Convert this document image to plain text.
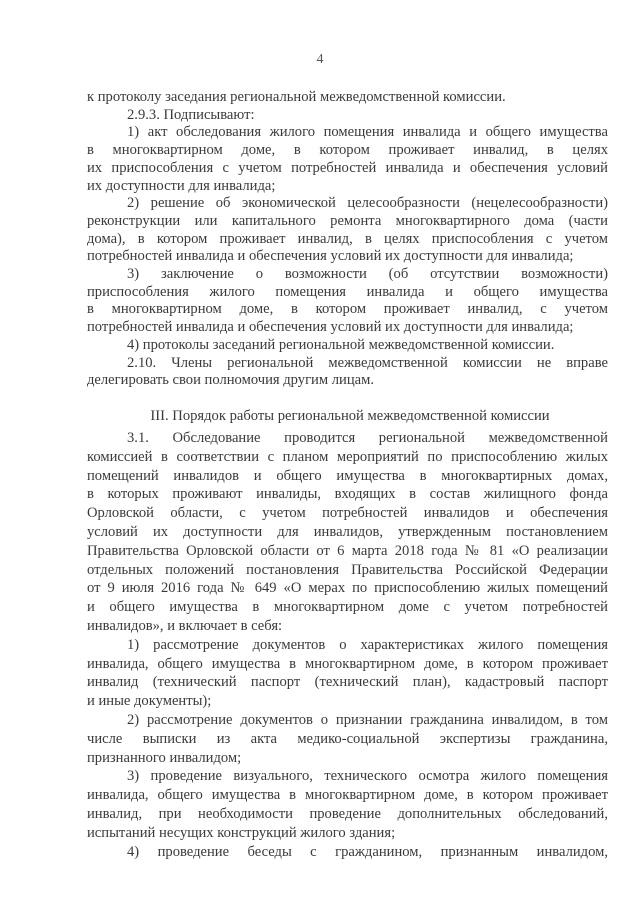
4
к протоколу заседания региональной межведомственной комиссии.
2.9.3. Подписывают:
1) акт обследования жилого помещения инвалида и общего имущества
в многоквартирном доме, в котором проживает инвалид, в целях
их приспособления с учетом потребностей инвалида и обеспечения условий
их доступности для инвалида;
2) решение об экономической целесообразности (нецелесообразности)
реконструкции или капитального ремонта многоквартирного дома (части
дома), в котором проживает инвалид, в целях приспособления с учетом
потребностей инвалида и обеспечения условий их доступности для инвалида;
3) заключение о возможности (об отсутствии возможности)
приспособления жилого помещения инвалида и общего имущества
в многоквартирном доме, в котором проживает инвалид, с учетом
потребностей инвалида и обеспечения условий их доступности для инвалида;
4) протоколы заседаний региональной межведомственной комиссии.
2.10. Члены региональной межведомственной комиссии не вправе
делегировать свои полномочия другим лицам.
III. Порядок работы региональной межведомственной комиссии
3.1. Обследование проводится региональной межведомственной
комиссией в соответствии с планом мероприятий по приспособлению жилых
помещений инвалидов и общего имущества в многоквартирных домах,
в которых проживают инвалиды, входящих в состав жилищного фонда
Орловской области, с учетом потребностей инвалидов и обеспечения
условий их доступности для инвалидов, утвержденным постановлением
Правительства Орловской области от 6 марта 2018 года № 81 «О реализации
отдельных положений постановления Правительства Российской Федерации
от 9 июля 2016 года № 649 «О мерах по приспособлению жилых помещений
и общего имущества в многоквартирном доме с учетом потребностей
инвалидов», и включает в себя:
1) рассмотрение документов о характеристиках жилого помещения
инвалида, общего имущества в многоквартирном доме, в котором проживает
инвалид (технический паспорт (технический план), кадастровый паспорт
и иные документы);
2) рассмотрение документов о признании гражданина инвалидом, в том
числе выписки из акта медико-социальной экспертизы гражданина,
признанного инвалидом;
3) проведение визуального, технического осмотра жилого помещения
инвалида, общего имущества в многоквартирном доме, в котором проживает
инвалид, при необходимости проведение дополнительных обследований,
испытаний несущих конструкций жилого здания;
4) проведение беседы с гражданином, признанным инвалидом,
